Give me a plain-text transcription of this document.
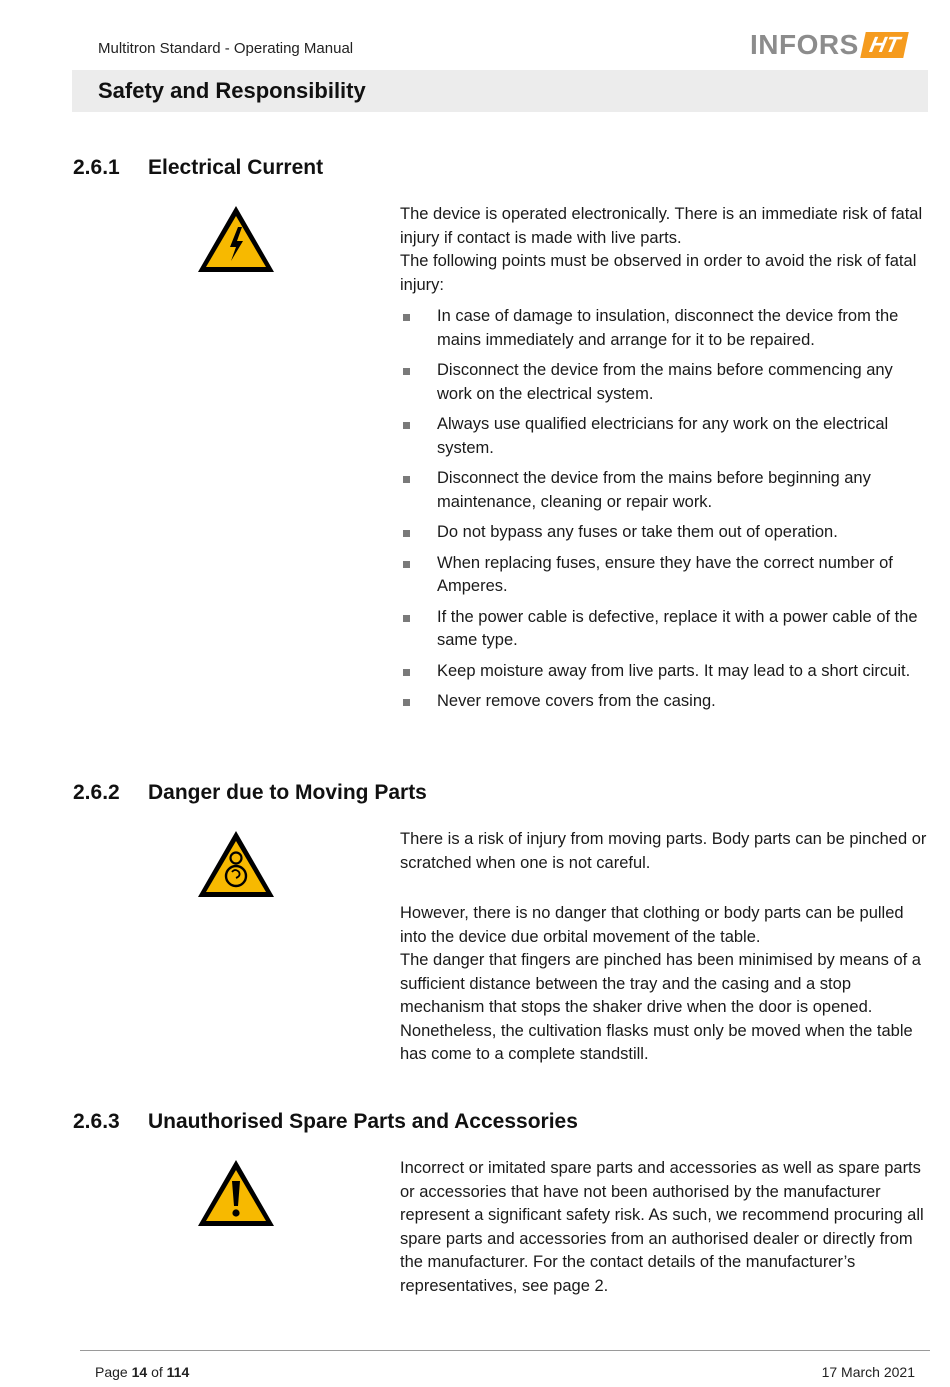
Multitron Standard - Operating Manual	INFORS HT
Safety and Responsibility
2.6.1 Electrical Current

The device is operated electronically. There is an immediate risk of fatal injury if contact is made with live parts.

The following points must be observed in order to avoid the risk of fatal injury:

In case of damage to insulation, disconnect the device from the mains immediately and arrange for it to be repaired.
Disconnect the device from the mains before commencing any work on the electrical system.
Always use qualified electricians for any work on the electrical system.
Disconnect the device from the mains before beginning any maintenance, cleaning or repair work.
Do not bypass any fuses or take them out of operation.
When replacing fuses, ensure they have the correct number of Amperes.
If the power cable is defective, replace it with a power cable of the same type.
Keep moisture away from live parts. It may lead to a short circuit.
Never remove covers from the casing.
2.6.2 Danger due to Moving Parts

There is a risk of injury from moving parts. Body parts can be pinched or scratched when one is not careful.

However, there is no danger that clothing or body parts can be pulled into the device due orbital movement of the table.

The danger that fingers are pinched has been minimised by means of a sufficient distance between the tray and the casing and a stop mechanism that stops the shaker drive when the door is opened.

Nonetheless, the cultivation flasks must only be moved when the table has come to a complete standstill.

2.6.3 Unauthorised Spare Parts and Accessories

Incorrect or imitated spare parts and accessories as well as spare parts or accessories that have not been authorised by the manufacturer represent a significant safety risk. As such, we recommend procuring all spare parts and accessories from an authorised dealer or directly from the manufacturer. For the contact details of the manufacturer’s representatives, see page 2.

Page 14 of 114	17 March 2021
